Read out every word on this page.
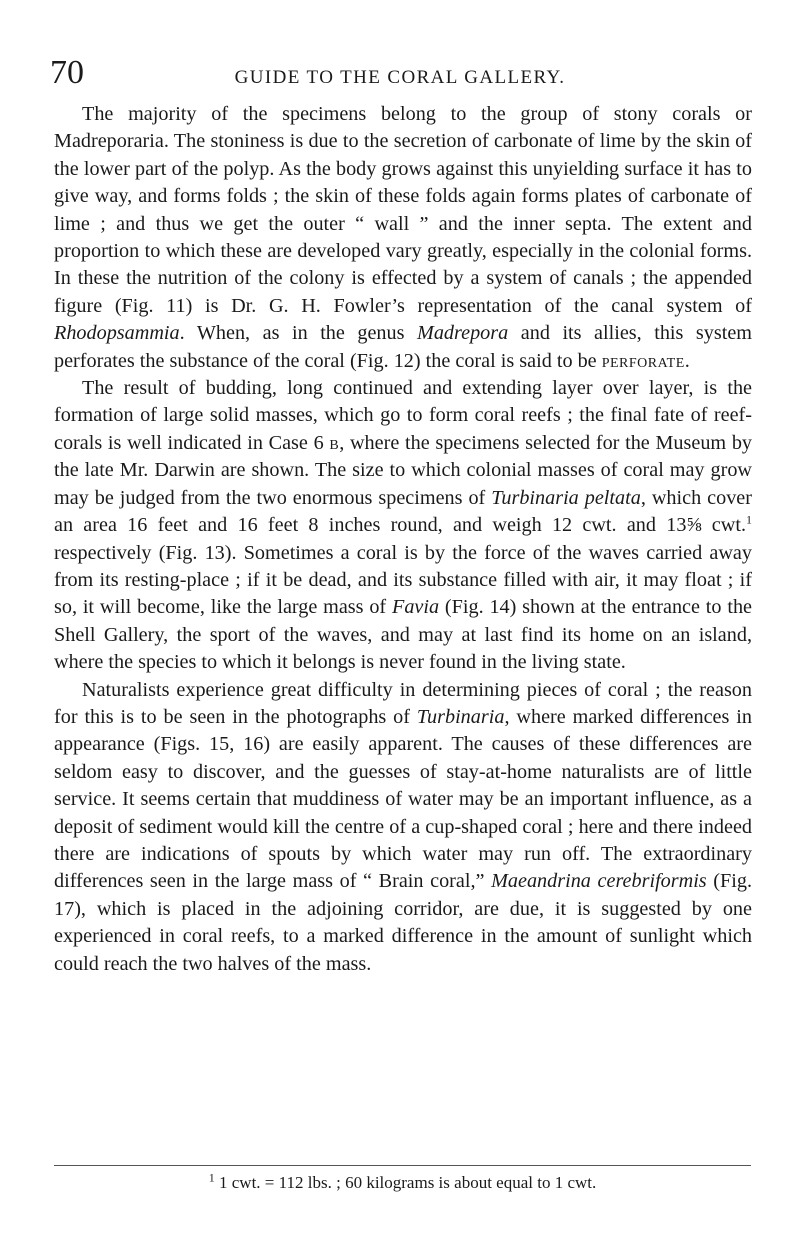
70	GUIDE TO THE CORAL GALLERY.

The majority of the specimens belong to the group of stony corals or Madreporaria. The stoniness is due to the secretion of carbonate of lime by the skin of the lower part of the polyp. As the body grows against this unyielding surface it has to give way, and forms folds ; the skin of these folds again forms plates of carbonate of lime ; and thus we get the outer “ wall ” and the inner septa. The extent and proportion to which these are developed vary greatly, especially in the colonial forms. In these the nutrition of the colony is effected by a system of canals ; the appended figure (Fig. 11) is Dr. G. H. Fowler’s representation of the canal system of Rhodopsammia. When, as in the genus Madrepora and its allies, this system perforates the substance of the coral (Fig. 12) the coral is said to be perforate.

The result of budding, long continued and extending layer over layer, is the formation of large solid masses, which go to form coral reefs ; the final fate of reef-corals is well indicated in Case 6 b, where the specimens selected for the Museum by the late Mr. Darwin are shown. The size to which colonial masses of coral may grow may be judged from the two enormous specimens of Turbinaria peltata, which cover an area 16 feet and 16 feet 8 inches round, and weigh 12 cwt. and 13⅝ cwt.$^1$ respectively (Fig. 13). Sometimes a coral is by the force of the waves carried away from its resting-place ; if it be dead, and its substance filled with air, it may float ; if so, it will become, like the large mass of Favia (Fig. 14) shown at the entrance to the Shell Gallery, the sport of the waves, and may at last find its home on an island, where the species to which it belongs is never found in the living state.

Naturalists experience great difficulty in determining pieces of coral ; the reason for this is to be seen in the photographs of Turbinaria, where marked differences in appearance (Figs. 15, 16) are easily apparent. The causes of these differences are seldom easy to discover, and the guesses of stay-at-home naturalists are of little service. It seems certain that muddiness of water may be an important influence, as a deposit of sediment would kill the centre of a cup-shaped coral ; here and there indeed there are indications of spouts by which water may run off. The extraordinary differences seen in the large mass of “ Brain coral,” Maeandrina cerebriformis (Fig. 17), which is placed in the adjoining corridor, are due, it is suggested by one experienced in coral reefs, to a marked difference in the amount of sunlight which could reach the two halves of the mass.

$^1$ 1 cwt. = 112 lbs. ; 60 kilograms is about equal to 1 cwt.
